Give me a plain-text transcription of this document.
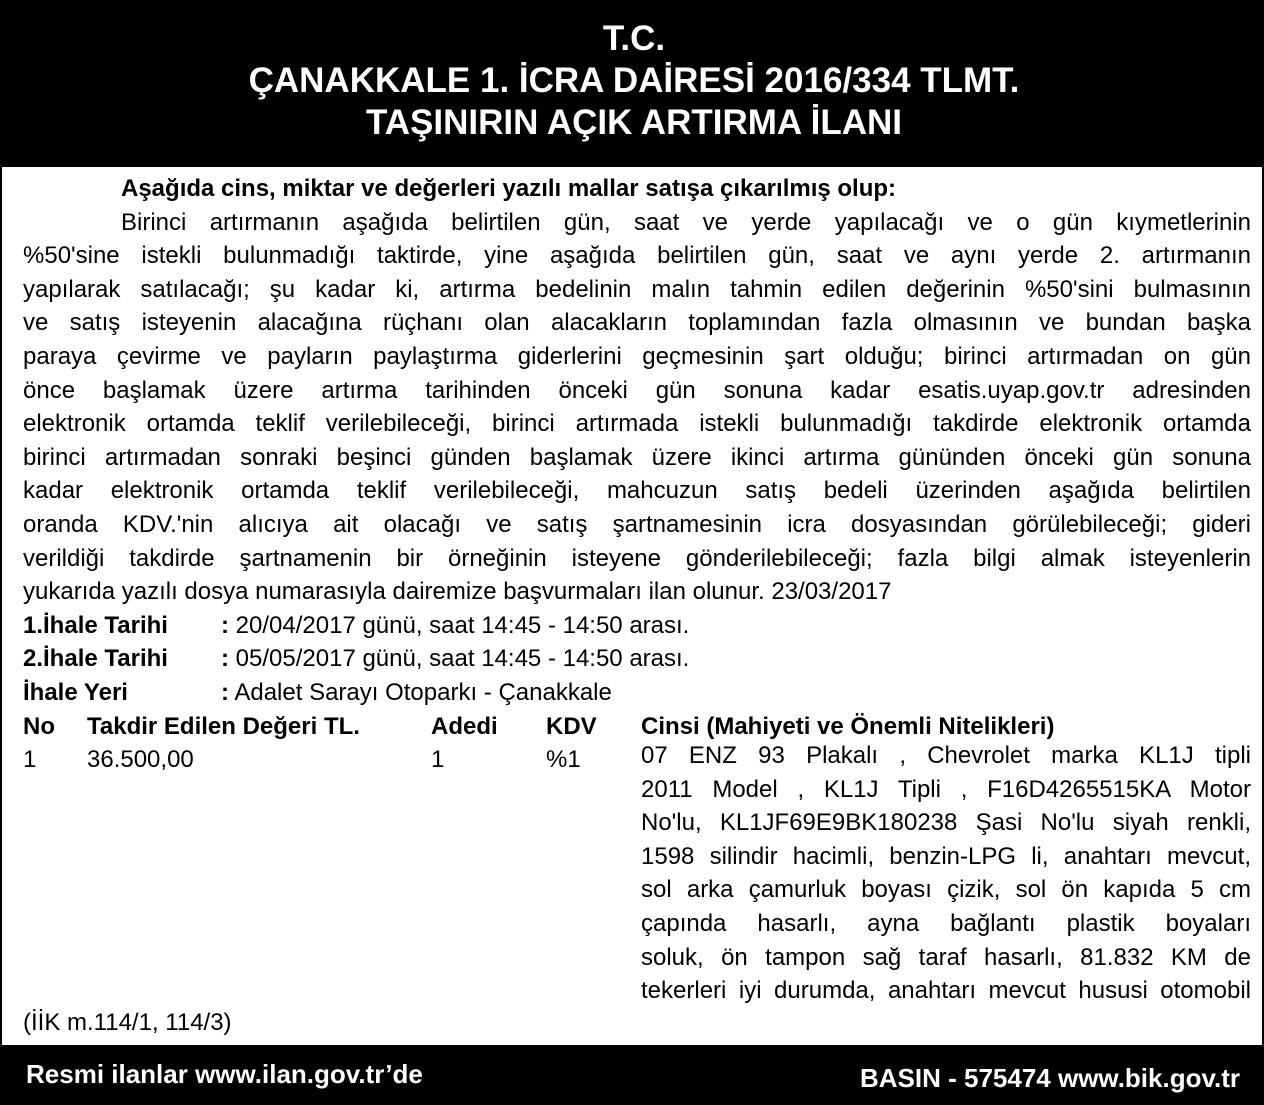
T.C.
ÇANAKKALE 1. İCRA DAİRESİ 2016/334 TLMT.
TAŞINIRIN AÇIK ARTIRMA İLANI
Aşağıda cins, miktar ve değerleri yazılı mallar satışa çıkarılmış olup:
Birinci artırmanın aşağıda belirtilen gün, saat ve yerde yapılacağı ve o gün kıymetlerinin
%50'sine istekli bulunmadığı taktirde, yine aşağıda belirtilen gün, saat ve aynı yerde 2. artırmanın
yapılarak satılacağı; şu kadar ki, artırma bedelinin malın tahmin edilen değerinin %50'sini bulmasının
ve satış isteyenin alacağına rüçhanı olan alacakların toplamından fazla olmasının ve bundan başka
paraya çevirme ve payların paylaştırma giderlerini geçmesinin şart olduğu; birinci artırmadan on gün
önce başlamak üzere artırma tarihinden önceki gün sonuna kadar esatis.uyap.gov.tr adresinden
elektronik ortamda teklif verilebileceği, birinci artırmada istekli bulunmadığı takdirde elektronik ortamda
birinci artırmadan sonraki beşinci günden başlamak üzere ikinci artırma gününden önceki gün sonuna
kadar elektronik ortamda teklif verilebileceği, mahcuzun satış bedeli üzerinden aşağıda belirtilen
oranda KDV.'nin alıcıya ait olacağı ve satış şartnamesinin icra dosyasından görülebileceği; gideri
verildiği takdirde şartnamenin bir örneğinin isteyene gönderilebileceği; fazla bilgi almak isteyenlerin
yukarıda yazılı dosya numarasıyla dairemize başvurmaları ilan olunur. 23/03/2017
1.İhale Tarihi : 20/04/2017 günü, saat 14:45 - 14:50 arası.
2.İhale Tarihi : 05/05/2017 günü, saat 14:45 - 14:50 arası.
İhale Yeri	: Adalet Sarayı Otoparkı - Çanakkale
No Takdir Edilen Değeri TL.	Adedi KDV Cinsi (Mahiyeti ve Önemli Nitelikleri)
1 36.500,00	1	%1	07 ENZ 93 Plakalı , Chevrolet marka KL1J tipli
2011 Model , KL1J Tipli , F16D4265515KA Motor
No'lu, KL1JF69E9BK180238 Şasi No'lu siyah renkli,
1598 silindir hacimli, benzin-LPG li, anahtarı mevcut,
sol arka çamurluk boyası çizik, sol ön kapıda 5 cm
çapında hasarlı, ayna bağlantı plastik boyaları
soluk, ön tampon sağ taraf hasarlı, 81.832 KM de
tekerleri iyi durumda, anahtarı mevcut hususi otomobil
(İİK m.114/1, 114/3)
Resmi ilanlar www.ilan.gov.tr’de	BASIN - 575474 www.bik.gov.tr
